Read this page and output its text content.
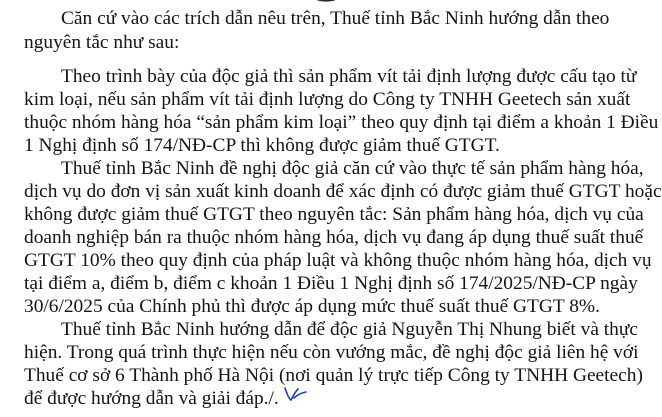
Căn cứ vào các trích dẫn nêu trên, Thuế tỉnh Bắc Ninh hướng dẫn theo
nguyên tắc như sau:
Theo trình bày của độc giả thì sản phẩm vít tải định lượng được cấu tạo từ
kim loại, nếu sản phẩm vít tải định lượng do Công ty TNHH Geetech sản xuất
thuộc nhóm hàng hóa “sản phẩm kim loại” theo quy định tại điểm a khoản 1 Điều
1 Nghị định số 174/NĐ-CP thì không được giảm thuế GTGT.
Thuế tỉnh Bắc Ninh đề nghị độc giả căn cứ vào thực tế sản phẩm hàng hóa,
dịch vụ do đơn vị sản xuất kinh doanh để xác định có được giảm thuế GTGT hoặc
không được giảm thuế GTGT theo nguyên tắc: Sản phẩm hàng hóa, dịch vụ của
doanh nghiệp bán ra thuộc nhóm hàng hóa, dịch vụ đang áp dụng thuế suất thuế
GTGT 10% theo quy định của pháp luật và không thuộc nhóm hàng hóa, dịch vụ
tại điểm a, điểm b, điểm c khoản 1 Điều 1 Nghị định số 174/2025/NĐ-CP ngày
30/6/2025 của Chính phủ thì được áp dụng mức thuế suất thuế GTGT 8%.
Thuế tỉnh Bắc Ninh hướng dẫn để độc giả Nguyễn Thị Nhung biết và thực
hiện. Trong quá trình thực hiện nếu còn vướng mắc, đề nghị độc giả liên hệ với
Thuế cơ sở 6 Thành phố Hà Nội (nơi quản lý trực tiếp Công ty TNHH Geetech)
để được hướng dẫn và giải đáp./.
